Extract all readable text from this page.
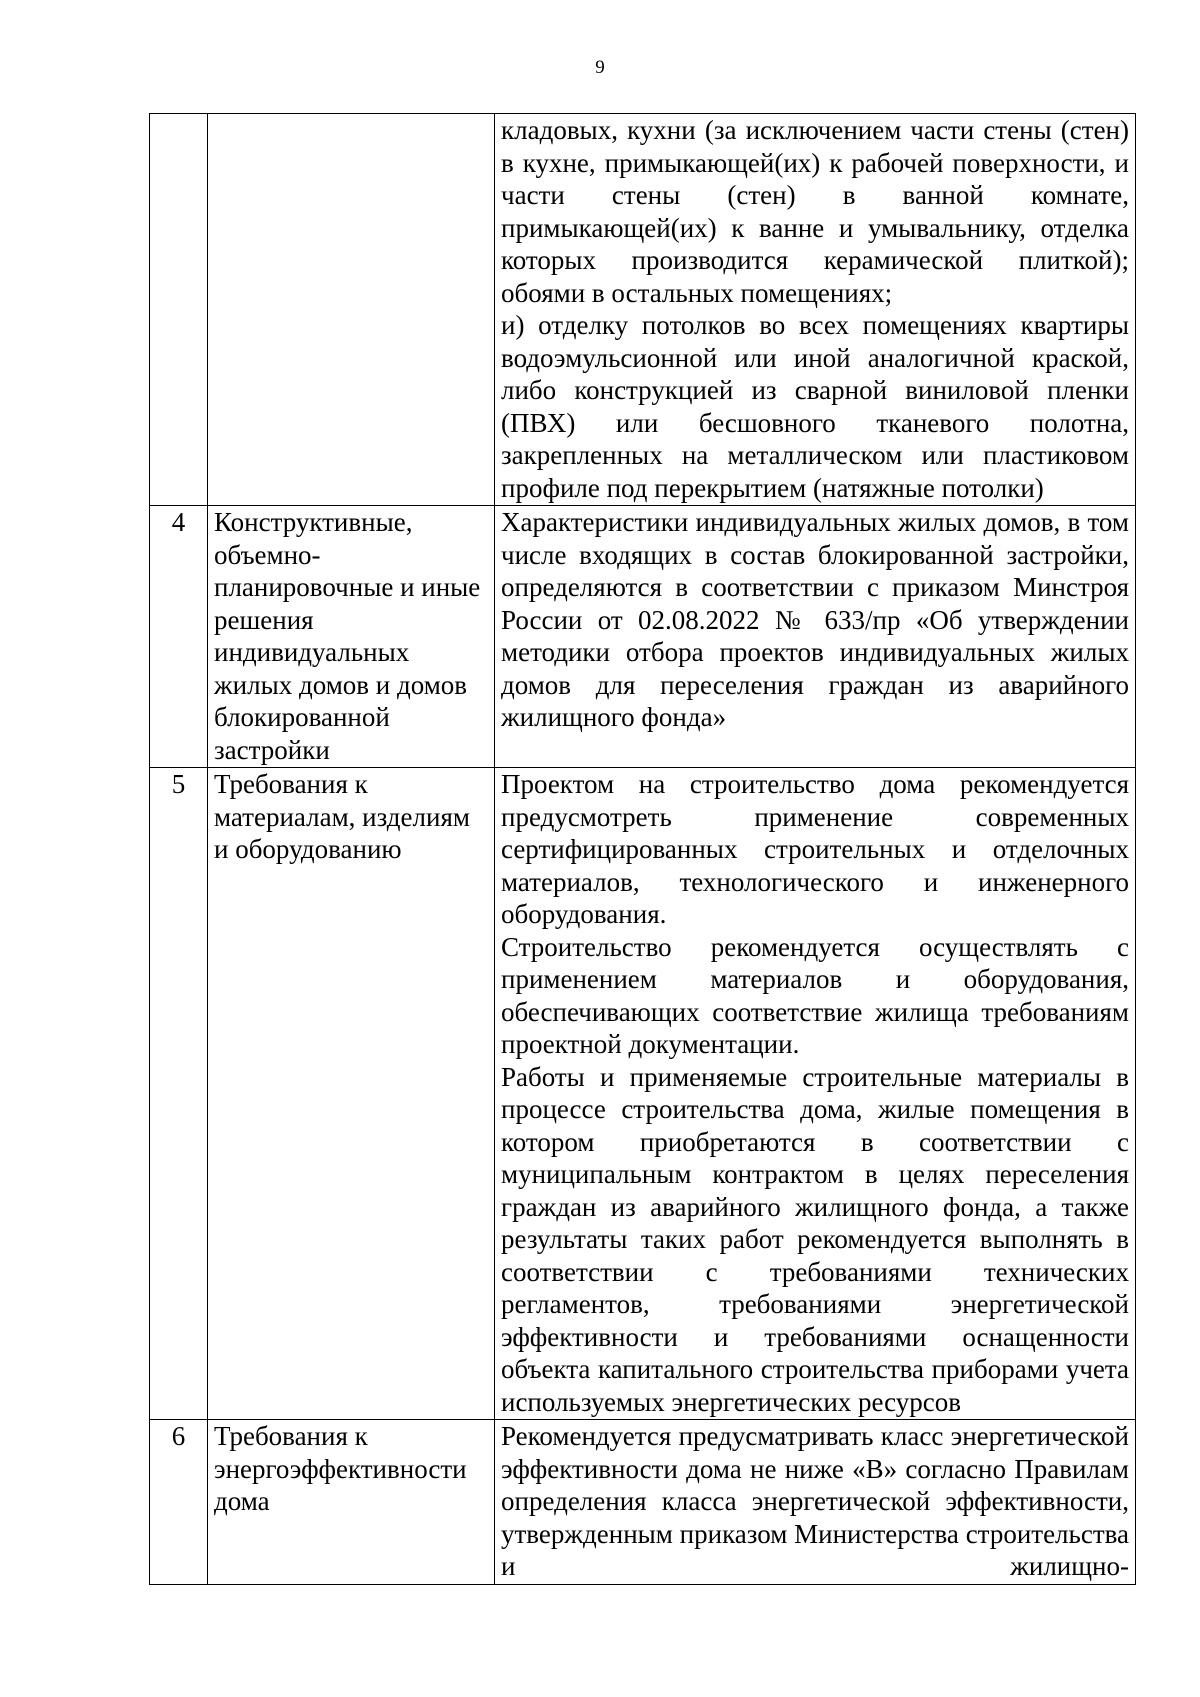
9

		кладовых, кухни (за исключением части стены (стен) в кухне, примыкающей(их) к рабочей поверхности, и части стены (стен) в ванной комнате, примыкающей(их) к ванне и умывальнику, отделка которых производится керамической плиткой); обоями в остальных помещениях;

и) отделку потолков во всех помещениях квартиры водоэмульсионной или иной аналогичной краской, либо конструкцией из сварной виниловой пленки (ПВХ) или бесшовного тканевого полотна, закрепленных на металлическом или пластиковом профиле под перекрытием (натяжные потолки)

4	Конструктивные, объемно-планировочные и иные решения индивидуальных жилых домов и домов блокированной застройки	Характеристики индивидуальных жилых домов, в том числе входящих в состав блокированной застройки, определяются в соответствии с приказом Минстроя России от 02.08.2022 № 633/пр «Об утверждении методики отбора проектов индивидуальных жилых домов для переселения граждан из аварийного жилищного фонда»

5	Требования к материалам, изделиям и оборудованию	Проектом на строительство дома рекомендуется предусмотреть применение современных сертифицированных строительных и отделочных материалов, технологического и инженерного оборудования.

Строительство рекомендуется осуществлять с применением материалов и оборудования, обеспечивающих соответствие жилища требованиям проектной документации.

Работы и применяемые строительные материалы в процессе строительства дома, жилые помещения в котором приобретаются в соответствии с муниципальным контрактом в целях переселения граждан из аварийного жилищного фонда, а также результаты таких работ рекомендуется выполнять в соответствии с требованиями технических регламентов, требованиями энергетической эффективности и требованиями оснащенности объекта капитального строительства приборами учета используемых энергетических ресурсов

6	Требования к энергоэффективности дома	Рекомендуется предусматривать класс энергетической эффективности дома не ниже «В» согласно Правилам определения класса энергетической эффективности, утвержденным приказом Министерства строительства и жилищно-
